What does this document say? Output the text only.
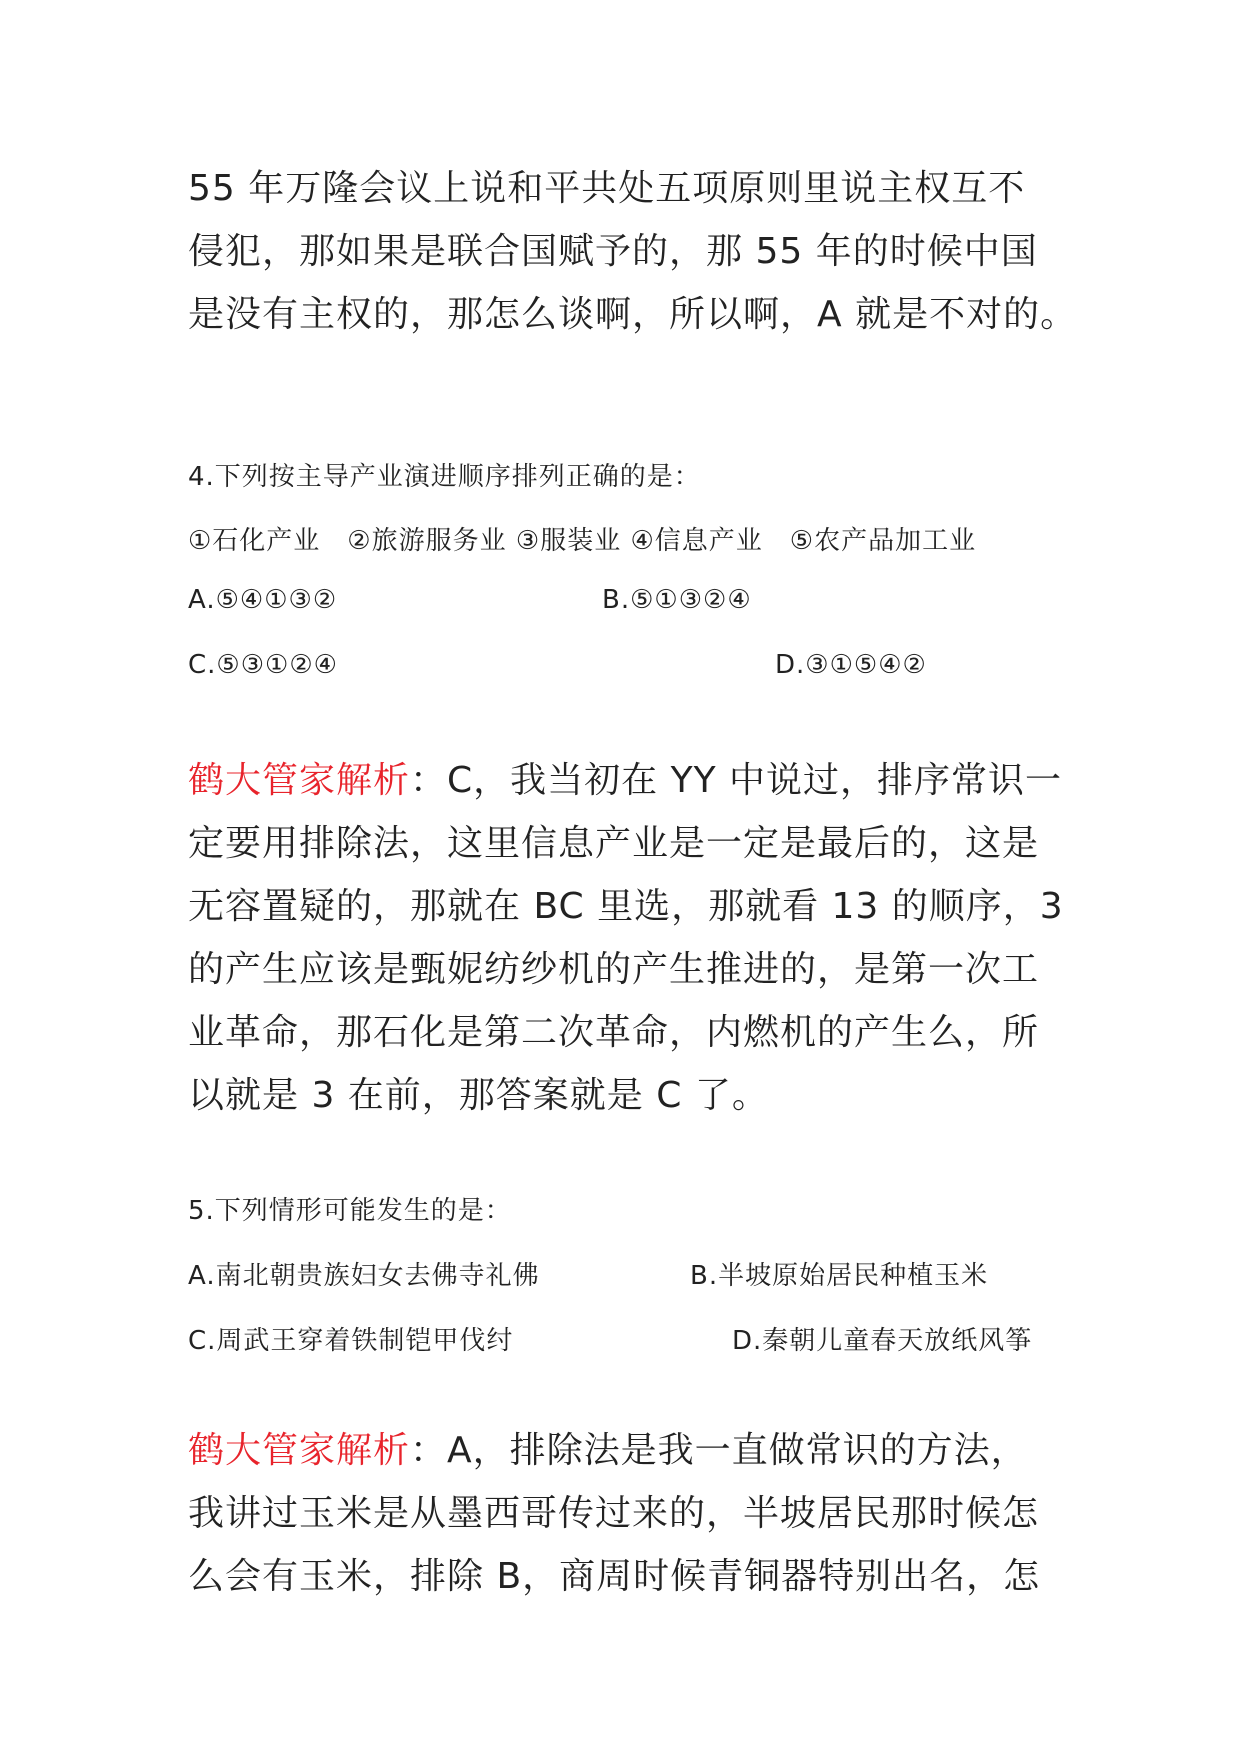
55 年万隆会议上说和平共处五项原则里说主权互不
侵犯，那如果是联合国赋予的，那 55 年的时候中国
是没有主权的，那怎么谈啊，所以啊，A 就是不对的。
4.下列按主导产业演进顺序排列正确的是：
①石化产业　②旅游服务业 ③服装业 ④信息产业　⑤农产品加工业
A.⑤④①③②	B.⑤①③②④
C.⑤③①②④	D.③①⑤④②
鹤大管家解析：C，我当初在 YY 中说过，排序常识一
定要用排除法，这里信息产业是一定是最后的，这是
无容置疑的，那就在 BC 里选，那就看 13 的顺序，3
的产生应该是甄妮纺纱机的产生推进的，是第一次工
业革命，那石化是第二次革命，内燃机的产生么，所
以就是 3 在前，那答案就是 C 了。
5.下列情形可能发生的是：
A.南北朝贵族妇女去佛寺礼佛	B.半坡原始居民种植玉米
C.周武王穿着铁制铠甲伐纣	D.秦朝儿童春天放纸风筝
鹤大管家解析：A，排除法是我一直做常识的方法，
我讲过玉米是从墨西哥传过来的，半坡居民那时候怎
么会有玉米，排除 B，商周时候青铜器特别出名，怎
